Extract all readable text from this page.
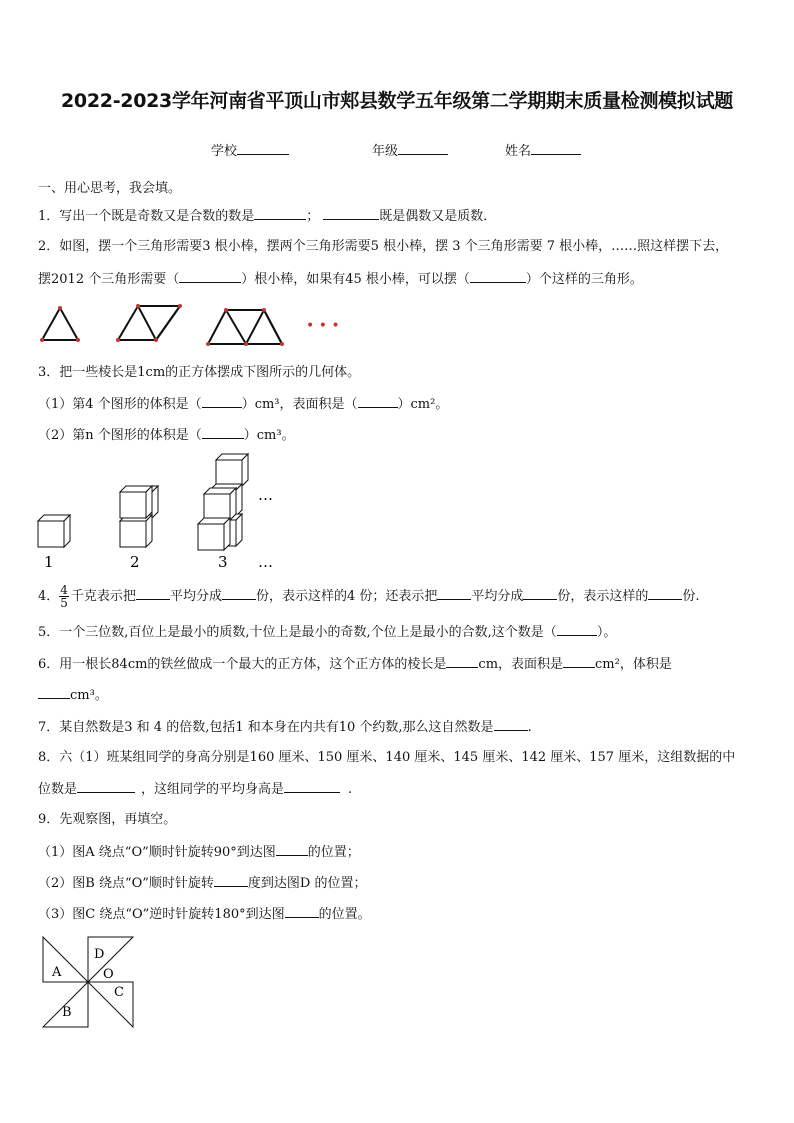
2022-2023学年河南省平顶山市郏县数学五年级第二学期期末质量检测模拟试题
学校	年级	姓名
一、用心思考，我会填。
1．写出一个既是奇数又是合数的数是	；	既是偶数又是质数．
2．如图，摆一个三角形需要3 根小棒，摆两个三角形需要5 根小棒，摆 3 个三角形需要 7 根小棒，……照这样摆下去，
摆2012 个三角形需要（	）根小棒，如果有45 根小棒，可以摆（	）个这样的三角形。
• • •
3．把一些棱长是1cm的正方体摆成下图所示的几何体。
（1）第4 个图形的体积是（	）cm³，表面积是（	）cm²。
（2）第n 个图形的体积是（	）cm³。
1	2	3
…
…
4． $\frac{4}{5}$ 千克表示把	平均分成	份，表示这样的4 份；还表示把	平均分成	份，表示这样的	份.
5．一个三位数,百位上是最小的质数,十位上是最小的奇数,个位上是最小的合数,这个数是（	）。
6．用一根长84cm的铁丝做成一个最大的正方体，这个正方体的棱长是 cm，表面积是 cm²，体积是
cm³。
7．某自然数是3 和 4 的倍数,包括1 和本身在内共有10 个约数,那么这自然数是	.
8．六（1）班某组同学的身高分别是160 厘米、150 厘米、140 厘米、145 厘米、142 厘米、157 厘米，这组数据的中
位数是	，这组同学的平均身高是	.
9．先观察图，再填空。
（1）图A 绕点“O”顺时针旋转90°到达图 的位置；
（2）图B 绕点“O”顺时针旋转	度到达图D 的位置；
（3）图C 绕点“O”逆时针旋转180°到达图	的位置。
A
D
O
C
B
